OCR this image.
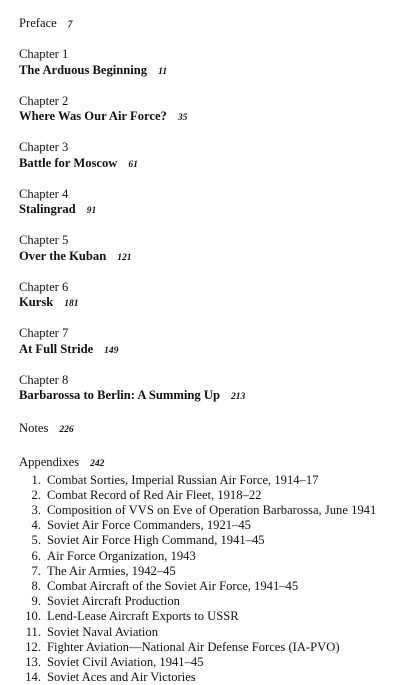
Preface 7
Chapter 1
The Arduous Beginning 11
Chapter 2
Where Was Our Air Force? 35
Chapter 3
Battle for Moscow 61
Chapter 4
Stalingrad 91
Chapter 5
Over the Kuban 121
Chapter 6
Kursk 181
Chapter 7
At Full Stride 149
Chapter 8
Barbarossa to Berlin: A Summing Up 213
Notes 226
Appendixes 242
1. Combat Sorties, Imperial Russian Air Force, 1914–17
2. Combat Record of Red Air Fleet, 1918–22
3. Composition of VVS on Eve of Operation Barbarossa, June 1941
4. Soviet Air Force Commanders, 1921–45
5. Soviet Air Force High Command, 1941–45
6. Air Force Organization, 1943
7. The Air Armies, 1942–45
8. Combat Aircraft of the Soviet Air Force, 1941–45
9. Soviet Aircraft Production
10. Lend-Lease Aircraft Exports to USSR
11. Soviet Naval Aviation
12. Fighter Aviation—National Air Defense Forces (IA-PVO)
13. Soviet Civil Aviation, 1941–45
14. Soviet Aces and Air Victories
